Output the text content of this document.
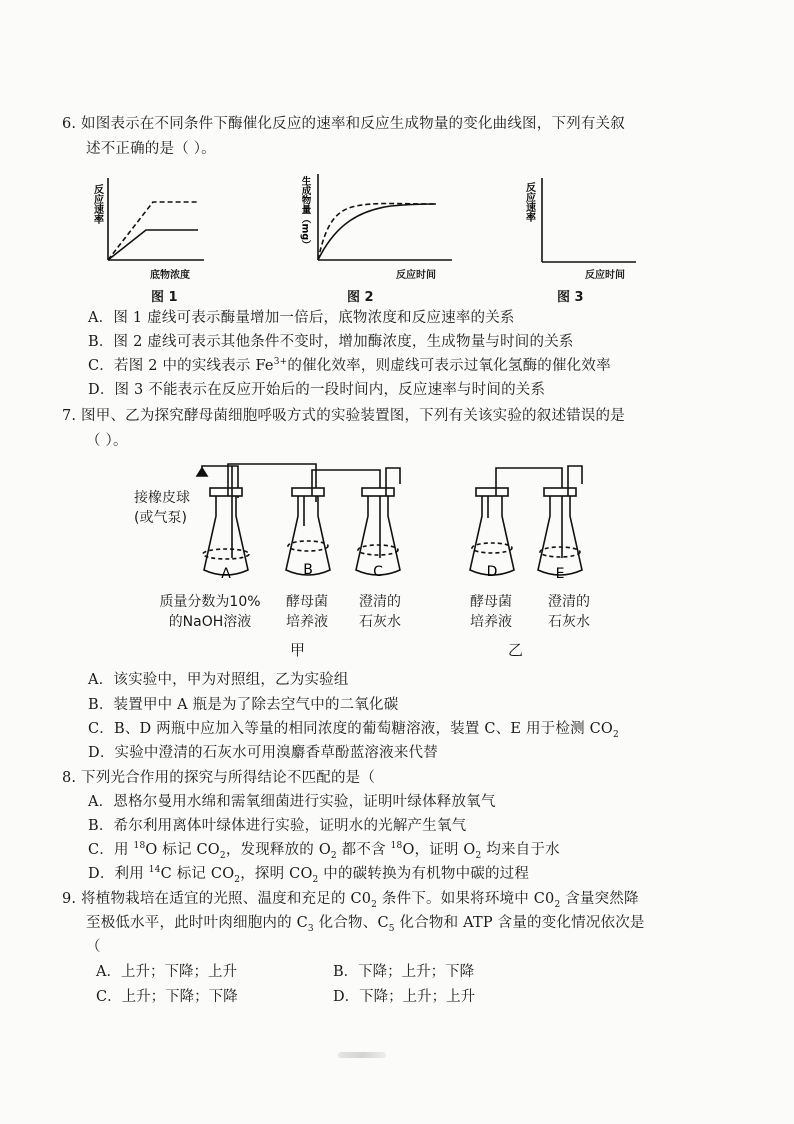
6. 如图表示在不同条件下酶催化反应的速率和反应生成物量的变化曲线图，下列有关叙
述不正确的是（ ）。
反应速率
底物浓度
图 1
生成物量（mg）
反应时间
图 2
反应速率
反应时间
图 3
A．图 1 虚线可表示酶量增加一倍后，底物浓度和反应速率的关系
B．图 2 虚线可表示其他条件不变时，增加酶浓度，生成物量与时间的关系
C．若图 2 中的实线表示 $Fe^{3+}$的催化效率，则虚线可表示过氧化氢酶的催化效率
D．图 3 不能表示在反应开始后的一段时间内，反应速率与时间的关系
7. 图甲、乙为探究酵母菌细胞呼吸方式的实验装置图，下列有关该实验的叙述错误的是
（ ）。
A	B	C	D	E
接橡皮球
(或气泵)
质量分数为10%
的NaOH溶液
酵母菌
培养液
澄清的
石灰水
酵母菌
培养液
澄清的
石灰水
甲	乙
A．该实验中，甲为对照组，乙为实验组
B．装置甲中 A 瓶是为了除去空气中的二氧化碳
C．B、D 两瓶中应加入等量的相同浓度的葡萄糖溶液，装置 C、E 用于检测 $CO_2$
D．实验中澄清的石灰水可用溴麝香草酚蓝溶液来代替
8. 下列光合作用的探究与所得结论不匹配的是（
A．恩格尔曼用水绵和需氧细菌进行实验，证明叶绿体释放氧气
B．希尔利用离体叶绿体进行实验，证明水的光解产生氧气
C．用 $^{18}$O 标记 $CO_2$，发现释放的 $O_2$ 都不含 $^{18}$O，证明 $O_2$ 均来自于水
D．利用 $^{14}$C 标记 $CO_2$，探明 $CO_2$ 中的碳转换为有机物中碳的过程
9. 将植物栽培在适宜的光照、温度和充足的 $C0_2$ 条件下。如果将环境中 $C0_2$ 含量突然降
至极低水平，此时叶肉细胞内的 $C_3$ 化合物、$C_5$ 化合物和 ATP 含量的变化情况依次是
（
A．上升；下降；上升	B．下降；上升；下降
C．上升；下降；下降	D．下降；上升；上升
